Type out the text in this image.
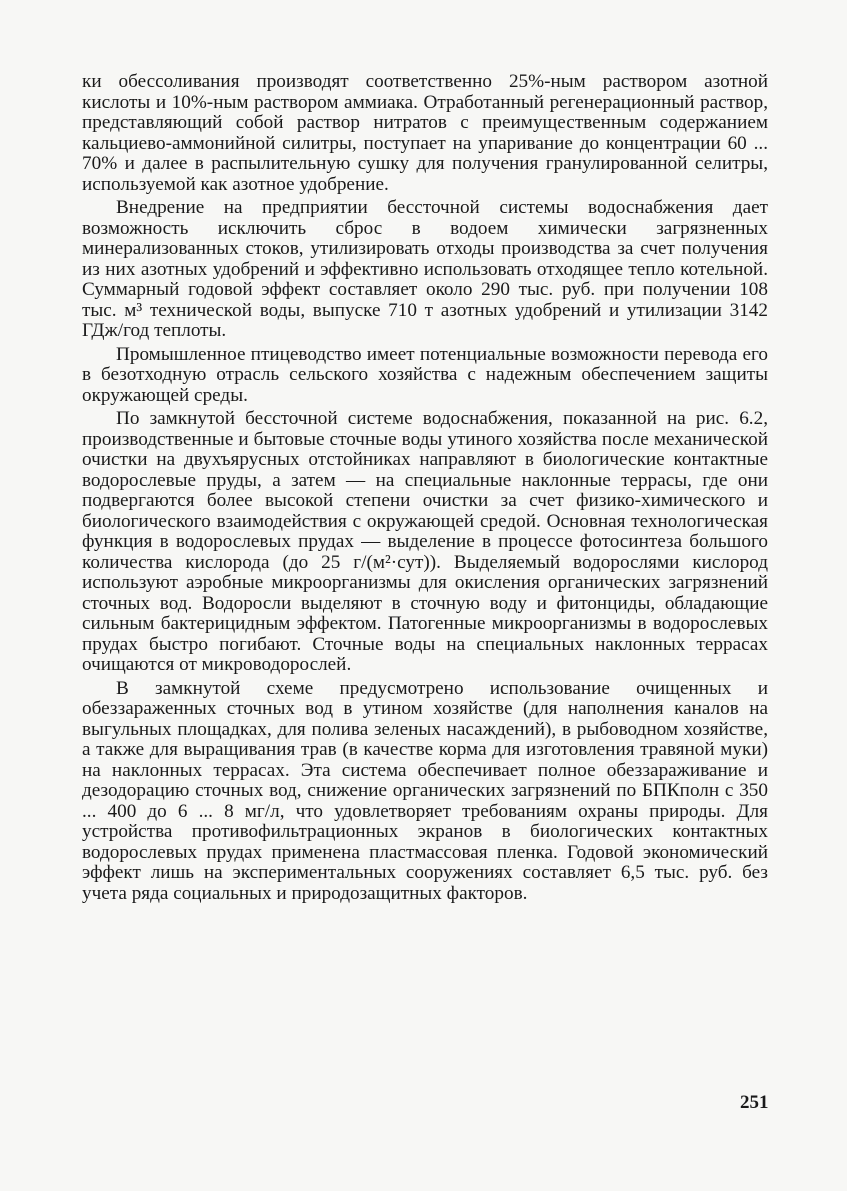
ки обессоливания производят соответственно 25%-ным раствором азотной кислоты и 10%-ным раствором аммиака. Отработанный регенерационный раствор, представляющий собой раствор нитратов с преимущественным содержанием кальциево-аммонийной силитры, поступает на упаривание до концентрации 60 ... 70% и далее в распылительную сушку для получения гранулированной селитры, используемой как азотное удобрение.

Внедрение на предприятии бессточной системы водоснабжения дает возможность исключить сброс в водоем химически загрязненных минерализованных стоков, утилизировать отходы производства за счет получения из них азотных удобрений и эффективно использовать отходящее тепло котельной. Суммарный годовой эффект составляет около 290 тыс. руб. при получении 108 тыс. м³ технической воды, выпуске 710 т азотных удобрений и утилизации 3142 ГДж/год теплоты.

Промышленное птицеводство имеет потенциальные возможности перевода его в безотходную отрасль сельского хозяйства с надежным обеспечением защиты окружающей среды.

По замкнутой бессточной системе водоснабжения, показанной на рис. 6.2, производственные и бытовые сточные воды утиного хозяйства после механической очистки на двухъярусных отстойниках направляют в биологические контактные водорослевые пруды, а затем — на специальные наклонные террасы, где они подвергаются более высокой степени очистки за счет физико-химического и биологического взаимодействия с окружающей средой. Основная технологическая функция в водорослевых прудах — выделение в процессе фотосинтеза большого количества кислорода (до 25 г/(м²·сут)). Выделяемый водорослями кислород используют аэробные микроорганизмы для окисления органических загрязнений сточных вод. Водоросли выделяют в сточную воду и фитонциды, обладающие сильным бактерицидным эффектом. Патогенные микроорганизмы в водорослевых прудах быстро погибают. Сточные воды на специальных наклонных террасах очищаются от микроводорослей.

В замкнутой схеме предусмотрено использование очищенных и обеззараженных сточных вод в утином хозяйстве (для наполнения каналов на выгульных площадках, для полива зеленых насаждений), в рыбоводном хозяйстве, а также для выращивания трав (в качестве корма для изготовления травяной муки) на наклонных террасах. Эта система обеспечивает полное обеззараживание и дезодорацию сточных вод, снижение органических загрязнений по БПКполн с 350 ... 400 до 6 ... 8 мг/л, что удовлетворяет требованиям охраны природы. Для устройства противофильтрационных экранов в биологических контактных водорослевых прудах применена пластмассовая пленка. Годовой экономический эффект лишь на экспериментальных сооружениях составляет 6,5 тыс. руб. без учета ряда социальных и природозащитных факторов.

251
